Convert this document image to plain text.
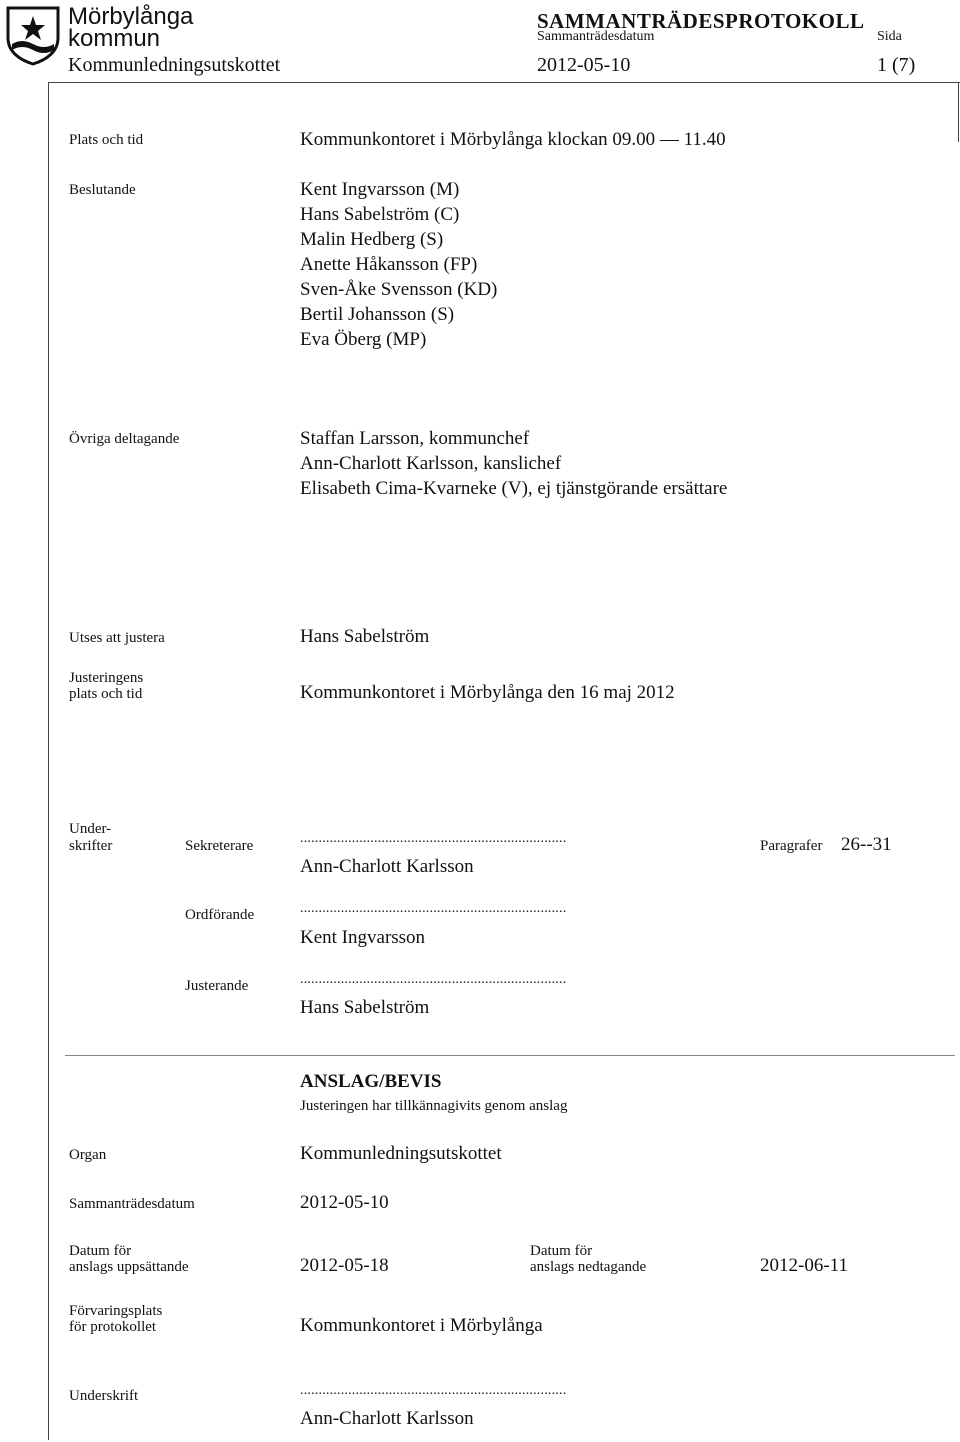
Mörbylånga
kommun
SAMMANTRÄDESPROTOKOLL
Sammanträdesdatum	Sida
Kommunledningsutskottet	2012-05-10	1 (7)
Plats och tid	Kommunkontoret i Mörbylånga klockan 09.00 — 11.40
Beslutande	Kent Ingvarsson (M)
Hans Sabelström (C)
Malin Hedberg (S)
Anette Håkansson (FP)
Sven-Åke Svensson (KD)
Bertil Johansson (S)
Eva Öberg (MP)
Övriga deltagande	Staffan Larsson, kommunchef
Ann-Charlott Karlsson, kanslichef
Elisabeth Cima-Kvarneke (V), ej tjänstgörande ersättare
Utses att justera	Hans Sabelström
Justeringens
plats och tid	Kommunkontoret i Mörbylånga den 16 maj 2012
Under-
skrifter	Sekreterare	........................................................................
Ann-Charlott Karlsson
Paragrafer 26--31
Ordförande	........................................................................
Kent Ingvarsson
Justerande	........................................................................
Hans Sabelström
ANSLAG/BEVIS
Justeringen har tillkännagivits genom anslag
Organ	Kommunledningsutskottet
Sammanträdesdatum	2012-05-10
Datum för
anslags uppsättande	2012-05-18
Datum för
anslags nedtagande	2012-06-11
Förvaringsplats
för protokollet	Kommunkontoret i Mörbylånga
Underskrift	........................................................................
Ann-Charlott Karlsson
